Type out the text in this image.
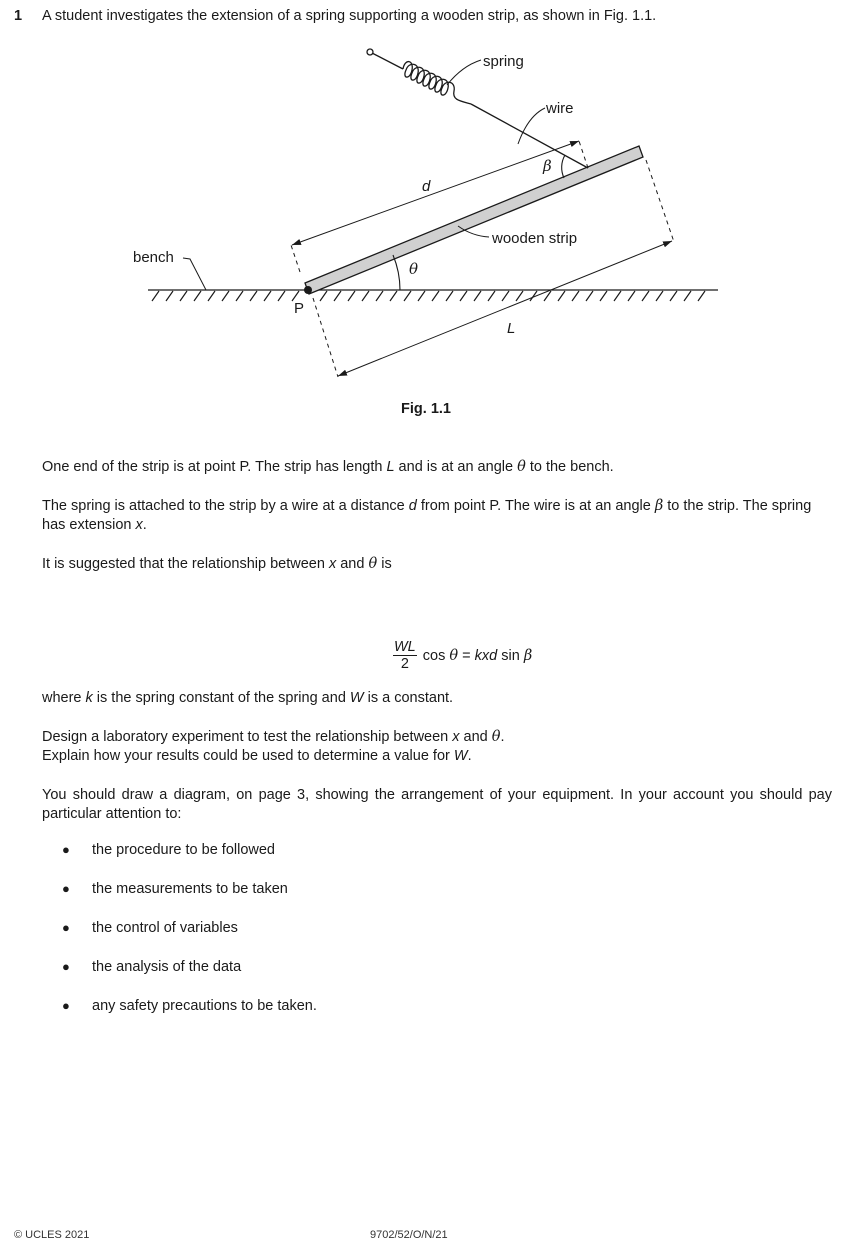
1 A student investigates the extension of a spring supporting a wooden strip, as shown in Fig. 1.1.
spring
wire
d
β
wooden strip
bench
θ
P
L
Fig. 1.1
One end of the strip is at point P. The strip has length L and is at an angle θ to the bench.
The spring is attached to the strip by a wire at a distance d from point P. The wire is at an angle β to the strip. The spring has extension x.
It is suggested that the relationship between x and θ is
$\frac{WL}{2}$ cos
θ
=
kxd
sin
β
where k is the spring constant of the spring and W is a constant.
Design a laboratory experiment to test the relationship between x and θ.
Explain how your results could be used to determine a value for W.
You should draw a diagram, on page 3, showing the arrangement of your equipment. In your account you should pay particular attention to:
● the procedure to be followed
● the measurements to be taken
● the control of variables
● the analysis of the data
● any safety precautions to be taken.
© UCLES 2021	9702/52/O/N/21
